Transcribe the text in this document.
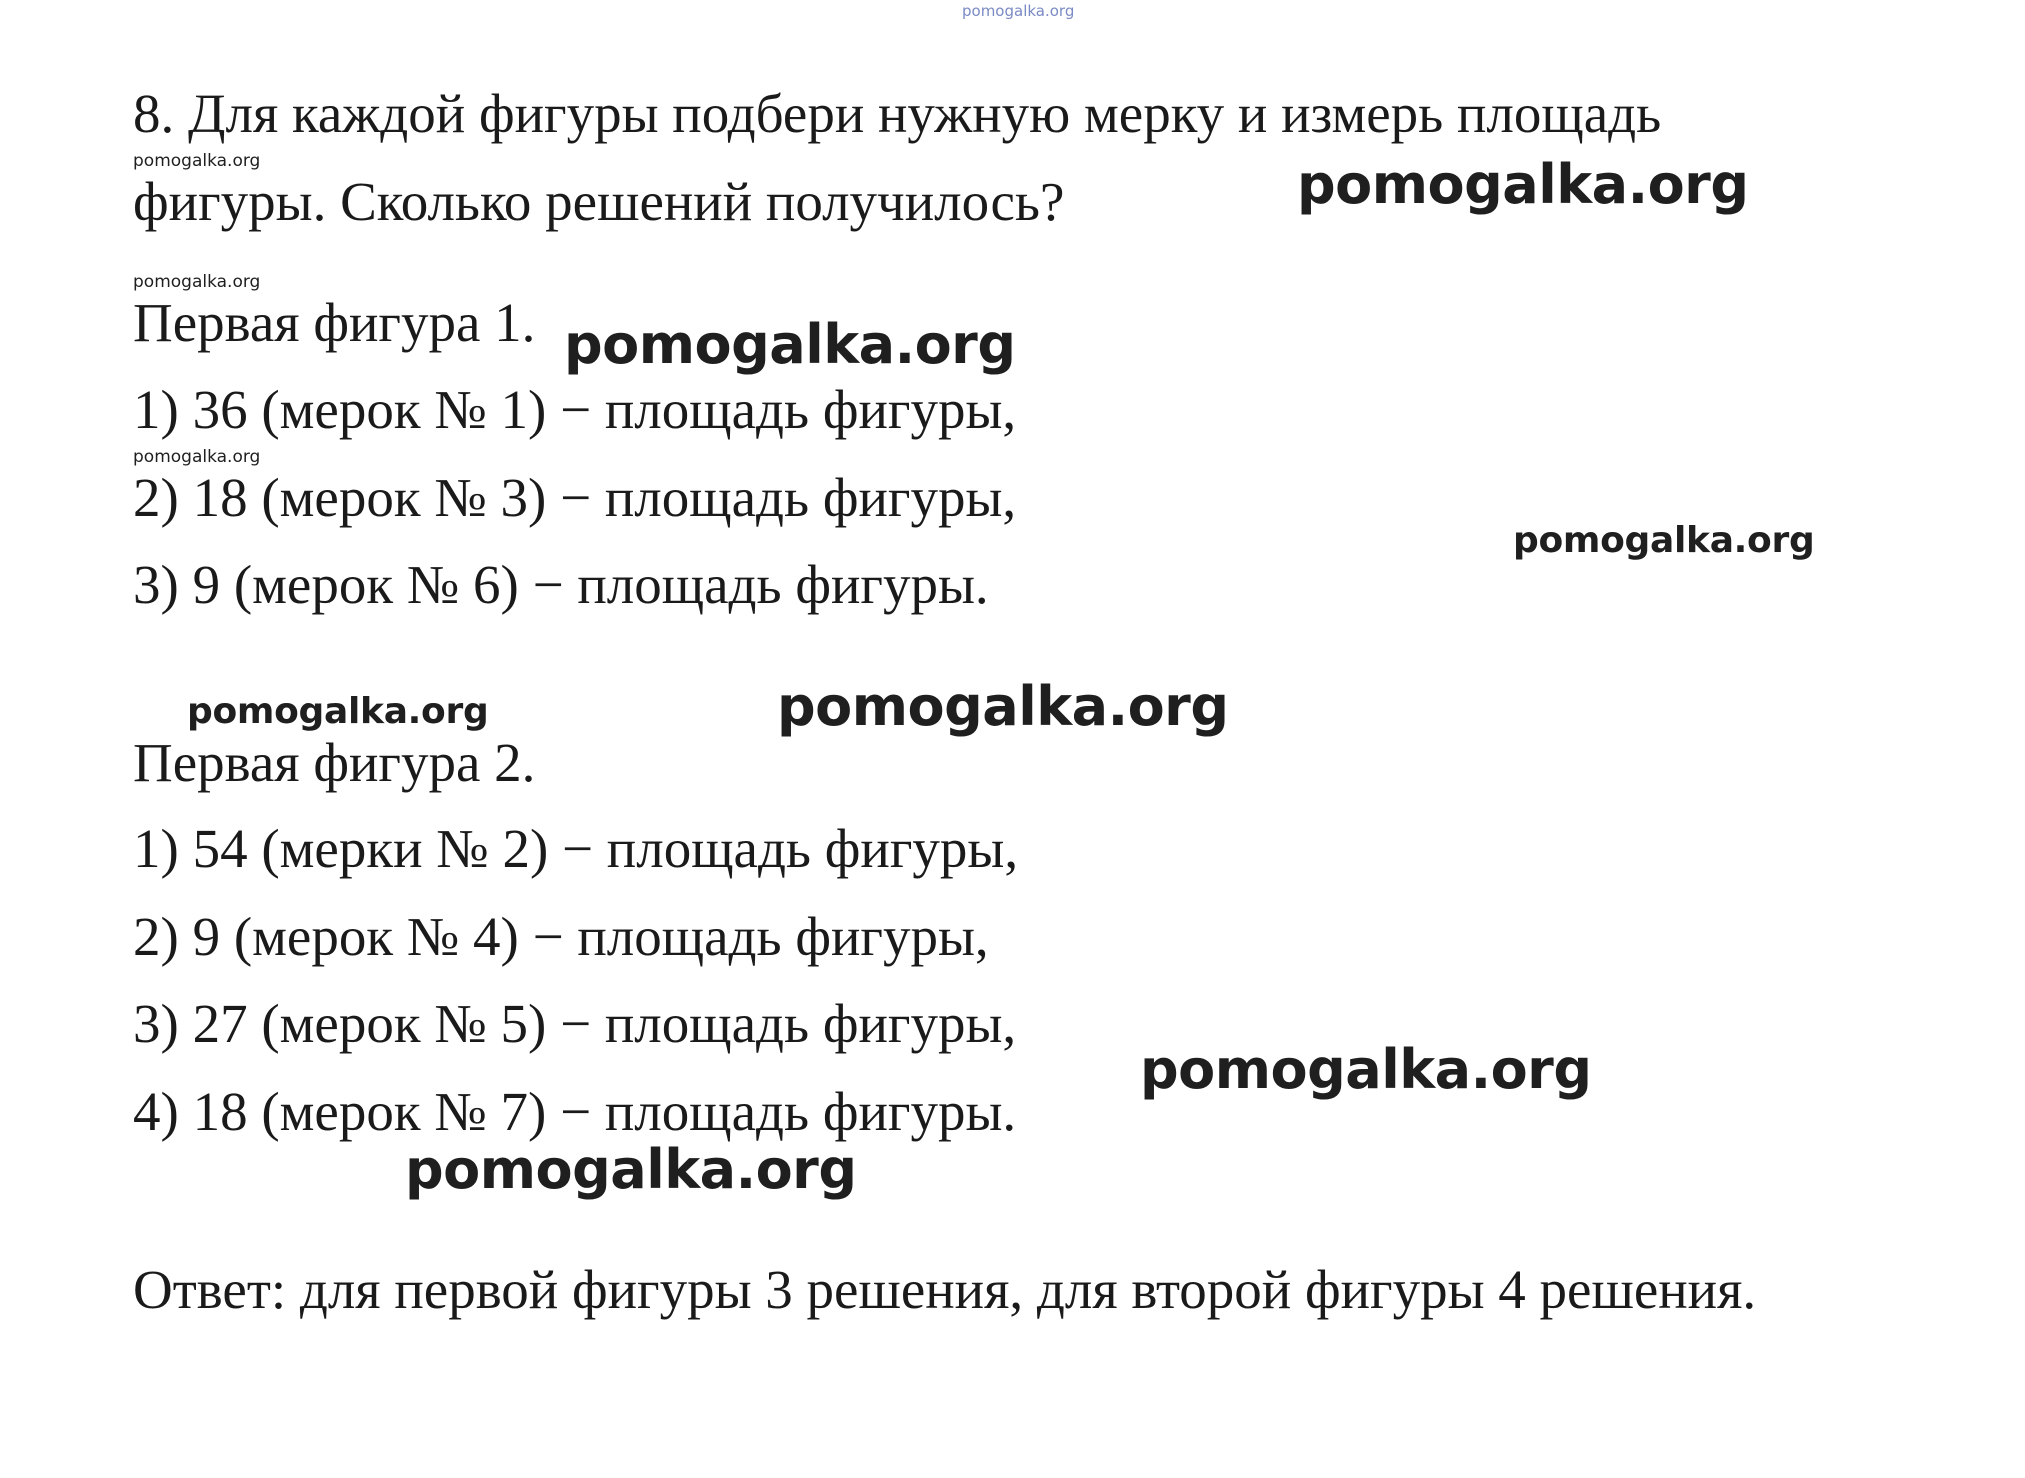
pomogalka.org
8. Для каждой фигуры подбери нужную мерку и измерь площадь
pomogalka.org
фигуры. Сколько решений получилось?	pomogalka.org
pomogalka.org
Первая фигура 1. pomogalka.org
1) 36 (мерок № 1) − площадь фигуры,
pomogalka.org
2) 18 (мерок № 3) − площадь фигуры,
pomogalka.org
3) 9 (мерок № 6) − площадь фигуры.
pomogalka.org	pomogalka.org
Первая фигура 2.
1) 54 (мерки № 2) − площадь фигуры,
2) 9 (мерок № 4) − площадь фигуры,
3) 27 (мерок № 5) − площадь фигуры,
pomogalka.org
4) 18 (мерок № 7) − площадь фигуры.
pomogalka.org
Ответ: для первой фигуры 3 решения, для второй фигуры 4 решения.
